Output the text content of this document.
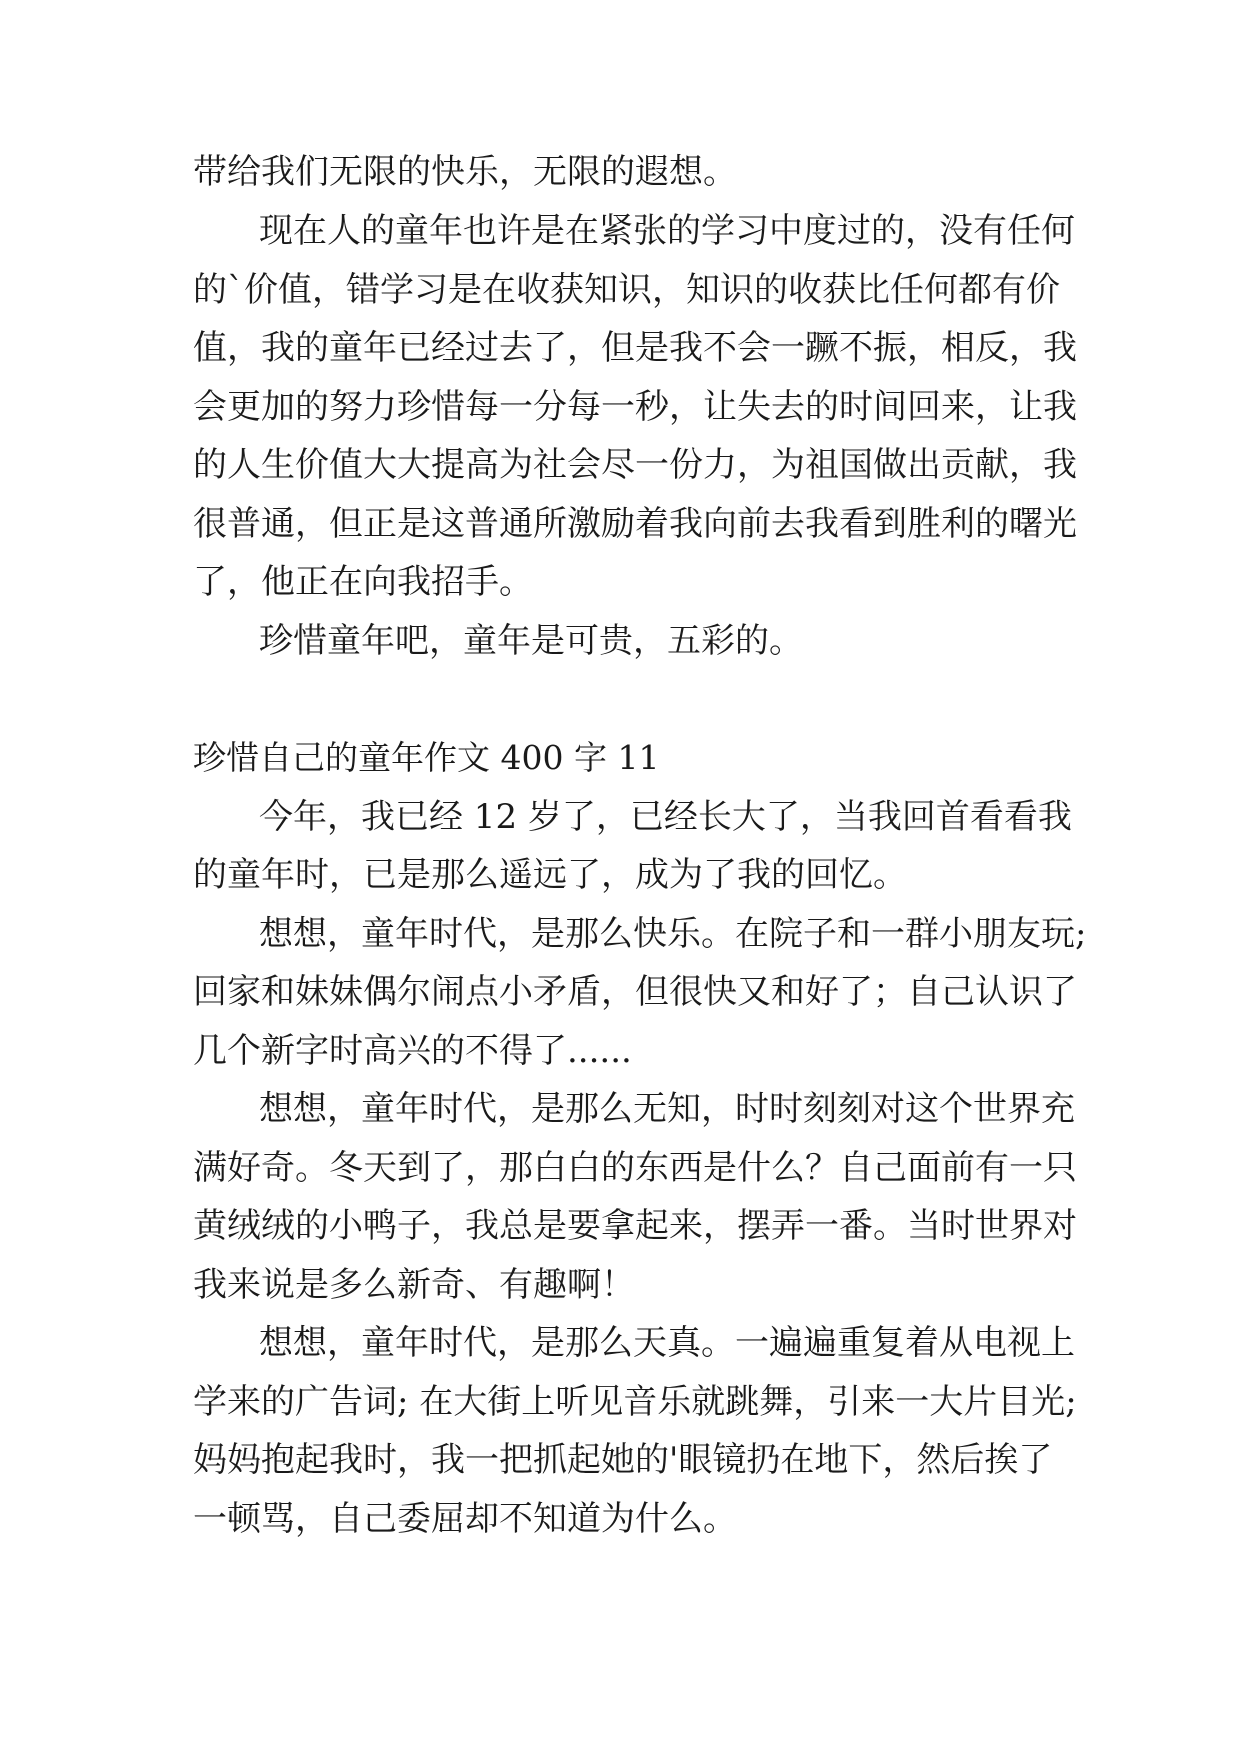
带给我们无限的快乐，无限的遐想。

现在人的童年也许是在紧张的学习中度过的，没有任何

的`价值，错学习是在收获知识，知识的收获比任何都有价

值，我的童年已经过去了，但是我不会一蹶不振，相反，我

会更加的努力珍惜每一分每一秒，让失去的时间回来，让我

的人生价值大大提高为社会尽一份力，为祖国做出贡献，我

很普通，但正是这普通所激励着我向前去我看到胜利的曙光

了，他正在向我招手。

珍惜童年吧，童年是可贵，五彩的。

珍惜自己的童年作文 400 字 11

今年，我已经 12 岁了，已经长大了，当我回首看看我

的童年时，已是那么遥远了，成为了我的回忆。

想想，童年时代，是那么快乐。在院子和一群小朋友玩;

回家和妹妹偶尔闹点小矛盾，但很快又和好了；自己认识了

几个新字时高兴的不得了......

想想，童年时代，是那么无知，时时刻刻对这个世界充

满好奇。冬天到了，那白白的东西是什么？自己面前有一只

黄绒绒的小鸭子，我总是要拿起来，摆弄一番。当时世界对

我来说是多么新奇、有趣啊！

想想，童年时代，是那么天真。一遍遍重复着从电视上

学来的广告词; 在大街上听见音乐就跳舞，引来一大片目光;

妈妈抱起我时，我一把抓起她的'眼镜扔在地下，然后挨了

一顿骂，自己委屈却不知道为什么。
